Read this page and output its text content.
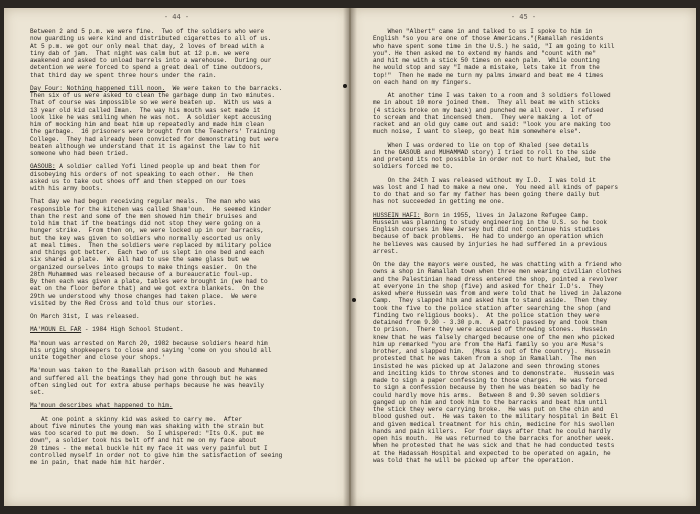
- 44 -
Between 2 and 5 p.m. we were fine.  Two of the soldiers who were
now guarding us were kind and distributed cigarettes to all of us.
At 5 p.m. we got our only meal that day, 2 loves of bread with a
tiny dab of jam.  That night was calm but at 12 p.m. we were
awakened and asked to unload barrels into a warehouse.  During our
detention we were forced to spend a great deal of time outdoors,
that third day we spent three hours under the rain.
Day Four: Nothing happened till noon.  We were taken to the barracks.
Then six of us were asked to clean the garbage dump in two minutes.
That of course was impossible so we were beaten up.  With us was a
13 year old kid called Iman.  The way his mouth was set made it
look like he was smiling when he was not.  A soldier kept accusing
him of mocking him and beat him up repeatedly and made him clean
the garbage.  16 prisoners were brought from the Teachers' Training
College.  They had already been convicted for demonstrating but were
beaten although we understand that it is against the law to hit
someone who had been tried.
GASOUB: A soldier called Yofi lined people up and beat them for
disobeying his orders of not speaking to each other.  He then
asked us to take out shoes off and then stepped on our toes
with his army boots.
That day we had begun receiving regular meals.  The man who was
responsible for the kitchen was called Sham'oun.  He seemed kinder
than the rest and some of the men showed him their bruises and
told him that if the beatings did not stop they were going on a
hunger strike.  From then on, we were locked up in our barracks,
but the key was given to soldiers who normally escorted us only
at meal times.  Then the soldiers were replaced by military police
and things got better.  Each two of us slept in one bed and each
six shared a plate.  We all had to use the same glass but we
organized ourselves into groups to make things easier.  On the
28th Muhammed was released because of a bureaucratic foul-up.
By then each was given a plate, tables were brought in (we had to
eat on the floor before that) and we got extra blankets.  On the
29th we understood why those changes had taken place.  We were
visited by the Red Cross and told thus our stories.
On March 31st, I was released.
MA'MOUN EL FAR - 1984 High School Student.
Ma'moun was arrested on March 20, 1982 because soldiers heard him
his urging shopkeepers to close and saying 'come on you should all
unite together and close your shops.'
Ma'moun was taken to the Ramallah prison with Gasoub and Muhammed
and suffered all the beatings they had gone through but he was
often singled out for extra abuse perhaps because he was heavily
set.
Ma'moun describes what happened to him.
At one point a skinny kid was asked to carry me.  After
about five minutes the young man was shaking with the strain but
was too scared to put me down.  So I whispered: "Its O.K. put me
down", a soldier took his belt off and hit me on my face about
20 times - the metal buckle hit my face it was very painful but I
controlled myself in order not to give him the satisfaction of seeing
me in pain, that made him hit harder.
- 45 -
When "Albert" came in and talked to us I spoke to him in
English "so you are one of those Americans."(Ramallah residents
who have spent some time in the U.S.) he said, "I am going to kill
you". He then asked me to extend my hands and "count with me"
and hit me with a stick 50 times on each palm.  While counting
he would stop and say "I made a mistake, lets take it from the
top!"  Then he made me turn my palms inward and beat me 4 times
on each hand on my fingers.
At another time I was taken to a room and 3 soldiers followed
me in about 10 more joined them.  They all beat me with sticks
(4 sticks broke on my back) and punched me all over.  I refused
to scream and that incensed them.  They were making a lot of
racket and an old guy came out and said: "look you are making too
much noise, I want to sleep, go beat him somewhere else".
When I was ordered to lie on top of Khaled (see details
in the GASOUB and MUHAMMAD story) I tried to roll to the side
and pretend its not possible in order not to hurt Khaled, but the
soldiers forced me to.
On the 24th I was released without my I.D.  I was told it
was lost and I had to make a new one.  You need all kinds of papers
to do that and so far my father has been going there daily but
has not succeeded in getting me one.
HUSSEIN HAFI: Born in 1955, lives in Jalazone Refugee Camp.
Hussein was planning to study engineering in the U.S. so he took
English courses in New Jersey but did not continue his studies
because of back problems.  He had to undergo an operation which
he believes was caused by injuries he had suffered in a previous
arrest.
On the day the mayors were ousted, he was chatting with a friend who
owns a shop in Ramallah town when three men wearing civilian clothes
and the Palestinian head dress entered the shop, pointed a revolver
at everyone in the shop (five) and asked for their I.D's.  They
asked where Hussein was from and were told that he lived in Jalazone
Camp.  They slapped him and asked him to stand aside.  Then they
took the five to the police station after searching the shop (and
finding two religious books).  At the police station they were
detained from 9.30 - 3.30 p.m.  A patrol passed by and took them
to prison.  There they were accused of throwing stones.  Hussein
knew that he was falsely charged because one of the men who picked
him up remarked "you are from the Hafi family so you are Musa's
brother, and slapped him.  (Musa is out of the country).  Hussein
protested that he was taken from a shop in Ramallah.  The men
insisted he was picked up at Jalazone and seen throwing stones
and inciting kids to throw stones and to demonstrate.  Hussein was
made to sign a paper confessing to those charges.  He was forced
to sign a confession because by then he was beaten so badly he
could hardly move his arms.  Between 8 and 9.30 seven soldiers
ganged up on him and took him to the barracks and beat him until
the stick they were carrying broke.  He was put on the chin and
blood gushed out.  He was taken to the military hospital in Beit El
and given medical treatment for his chin, medicine for his swollen
hands and pain killers.  For four days after that he could hardly
open his mouth.  He was returned to the barracks for another week.
When he protested that he was sick and that he had conducted tests
at the Hadassah Hospital and expected to be operated on again, he
was told that he will be picked up after the operation.
